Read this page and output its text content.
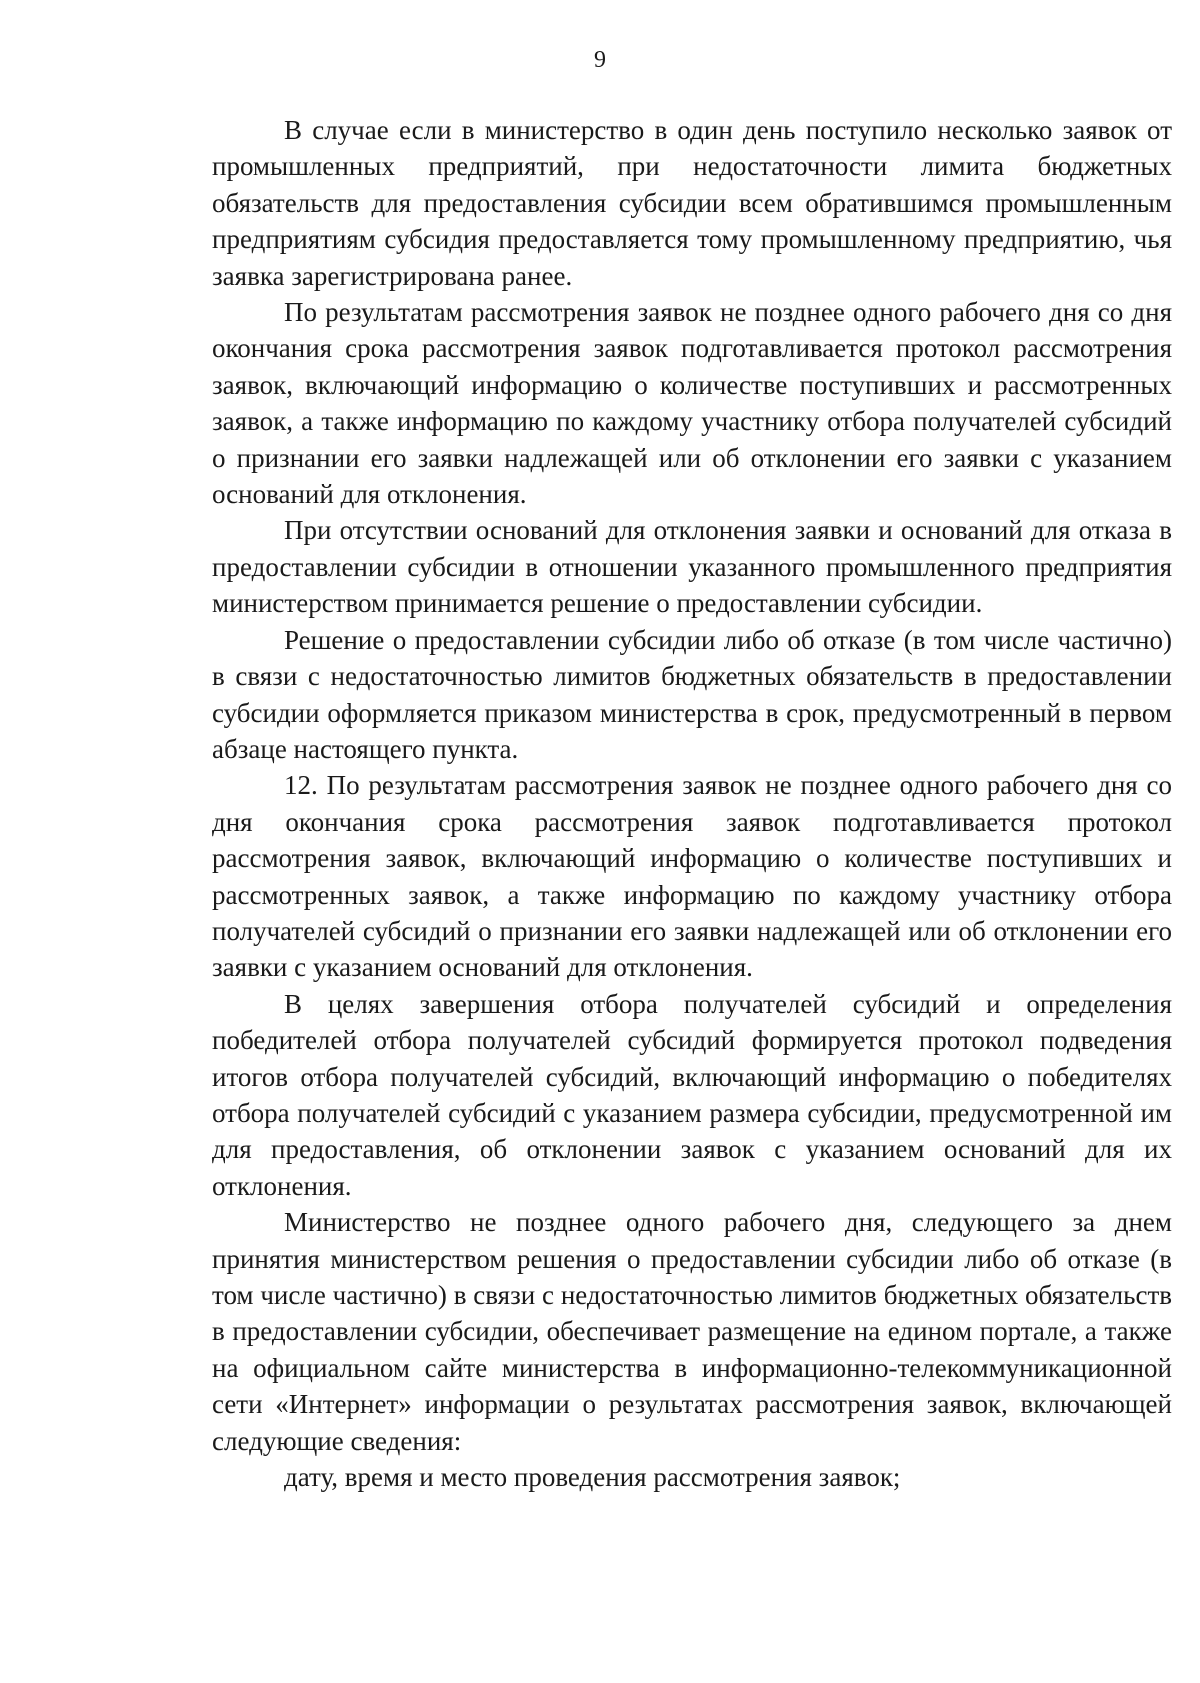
9

В случае если в министерство в один день поступило несколько заявок от промышленных предприятий, при недостаточности лимита бюджетных обязательств для предоставления субсидии всем обратившимся промышленным предприятиям субсидия предоставляется тому промышленному предприятию, чья заявка зарегистрирована ранее.

По результатам рассмотрения заявок не позднее одного рабочего дня со дня окончания срока рассмотрения заявок подготавливается протокол рассмотрения заявок, включающий информацию о количестве поступивших и рассмотренных заявок, а также информацию по каждому участнику отбора получателей субсидий о признании его заявки надлежащей или об отклонении его заявки с указанием оснований для отклонения.

При отсутствии оснований для отклонения заявки и оснований для отказа в предоставлении субсидии в отношении указанного промышленного предприятия министерством принимается решение о предоставлении субсидии.

Решение о предоставлении субсидии либо об отказе (в том числе частично) в связи с недостаточностью лимитов бюджетных обязательств в предоставлении субсидии оформляется приказом министерства в срок, предусмотренный в первом абзаце настоящего пункта.

12. По результатам рассмотрения заявок не позднее одного рабочего дня со дня окончания срока рассмотрения заявок подготавливается протокол рассмотрения заявок, включающий информацию о количестве поступивших и рассмотренных заявок, а также информацию по каждому участнику отбора получателей субсидий о признании его заявки надлежащей или об отклонении его заявки с указанием оснований для отклонения.

В целях завершения отбора получателей субсидий и определения победителей отбора получателей субсидий формируется протокол подведения итогов отбора получателей субсидий, включающий информацию о победителях отбора получателей субсидий с указанием размера субсидии, предусмотренной им для предоставления, об отклонении заявок с указанием оснований для их отклонения.

Министерство не позднее одного рабочего дня, следующего за днем принятия министерством решения о предоставлении субсидии либо об отказе (в том числе частично) в связи с недостаточностью лимитов бюджетных обязательств в предоставлении субсидии, обеспечивает размещение на едином портале, а также на официальном сайте министерства в информационно-телекоммуникационной сети «Интернет» информации о результатах рассмотрения заявок, включающей следующие сведения:

дату, время и место проведения рассмотрения заявок;
